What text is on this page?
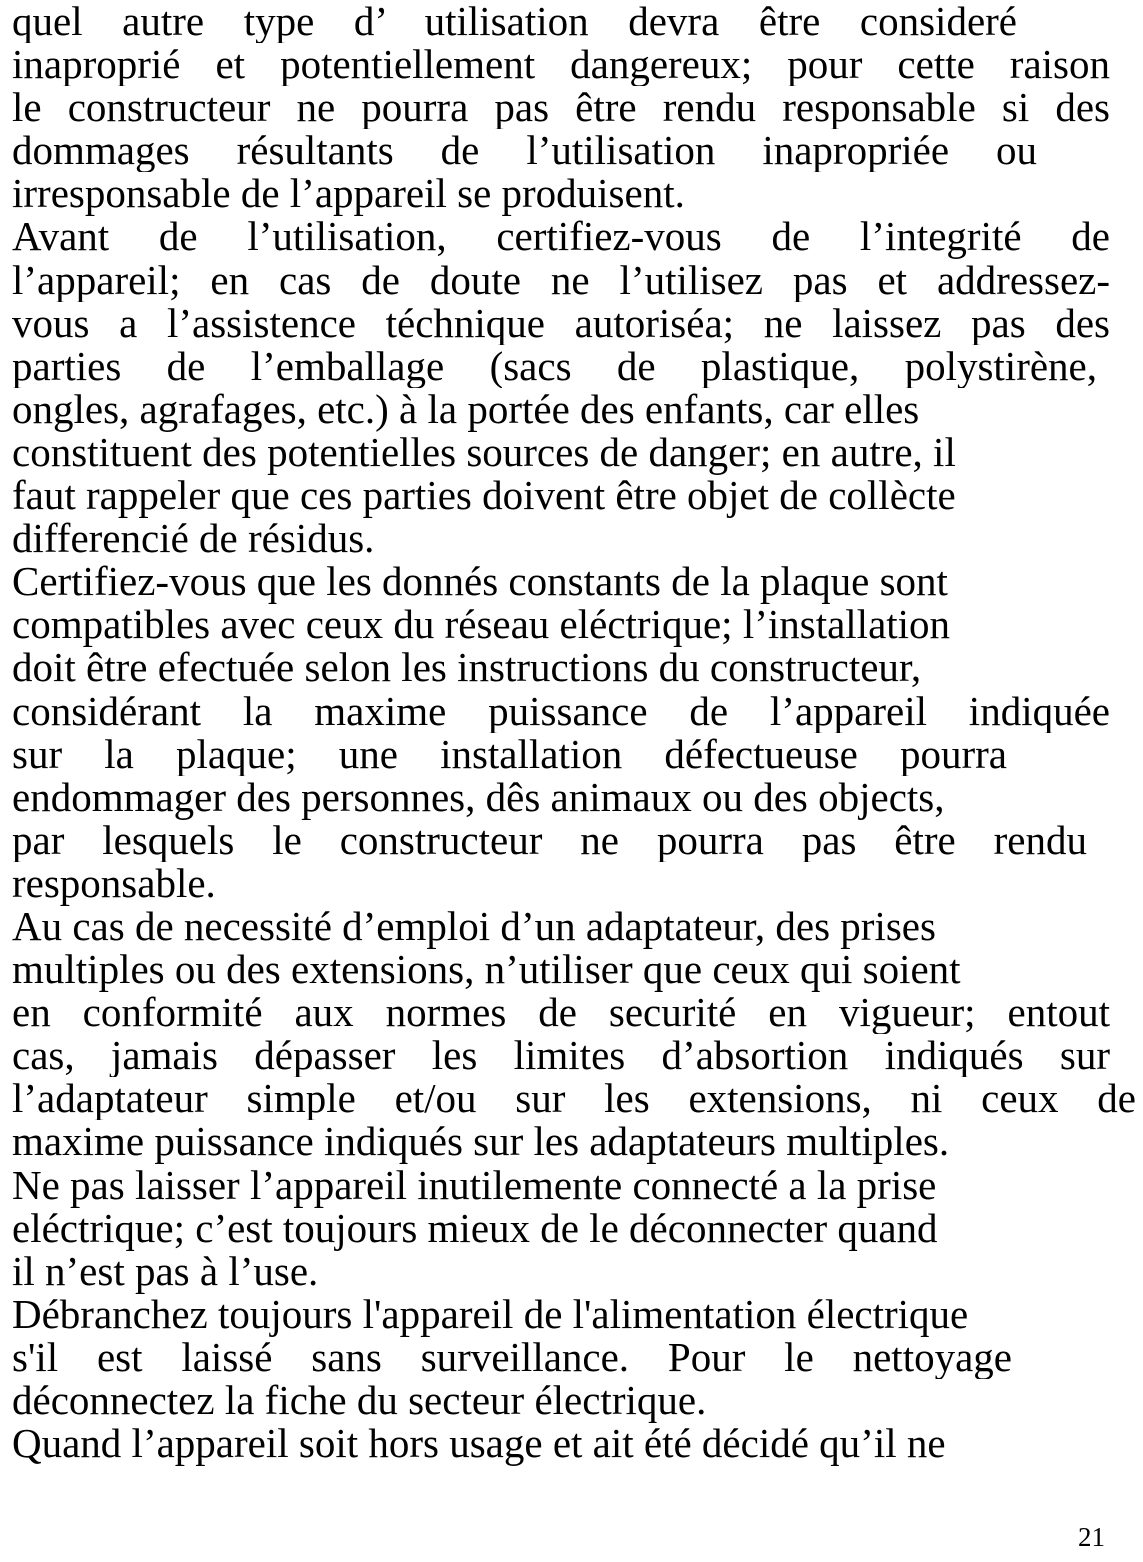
quel autre type d’ utilisation devra être consideré
inaproprié et potentiellement dangereux; pour cette raison
le constructeur ne pourra pas être rendu responsable si des
dommages résultants de l’utilisation inapropriée ou
irresponsable de l’appareil se produisent.
Avant de l’utilisation, certifiez-vous de l’integrité de
l’appareil; en cas de doute ne l’utilisez pas et addressez-
vous a l’assistence téchnique autoriséa; ne laissez pas des
parties de l’emballage (sacs de plastique, polystirène,
ongles, agrafages, etc.) à la portée des enfants, car elles
constituent des potentielles sources de danger; en autre, il
faut rappeler que ces parties doivent être objet de collècte
differencié de résidus.
Certifiez-vous que les donnés constants de la plaque sont
compatibles avec ceux du réseau eléctrique; l’installation
doit être efectuée selon les instructions du constructeur,
considérant la maxime puissance de l’appareil indiquée
sur la plaque; une installation défectueuse pourra
endommager des personnes, dês animaux ou des objects,
par lesquels le constructeur ne pourra pas être rendu
responsable.
Au cas de necessité d’emploi d’un adaptateur, des prises
multiples ou des extensions, n’utiliser que ceux qui soient
en conformité aux normes de securité en vigueur; entout
cas, jamais dépasser les limites d’absortion indiqués sur
l’adaptateur simple et/ou sur les extensions, ni ceux de
maxime puissance indiqués sur les adaptateurs multiples.
Ne pas laisser l’appareil inutilemente connecté a la prise
eléctrique; c’est toujours mieux de le déconnecter quand
il n’est pas à l’use.
Débranchez toujours l'appareil de l'alimentation électrique
s'il est laissé sans surveillance. Pour le nettoyage
déconnectez la fiche du secteur électrique.
Quand l’appareil soit hors usage et ait été décidé qu’il ne
21
